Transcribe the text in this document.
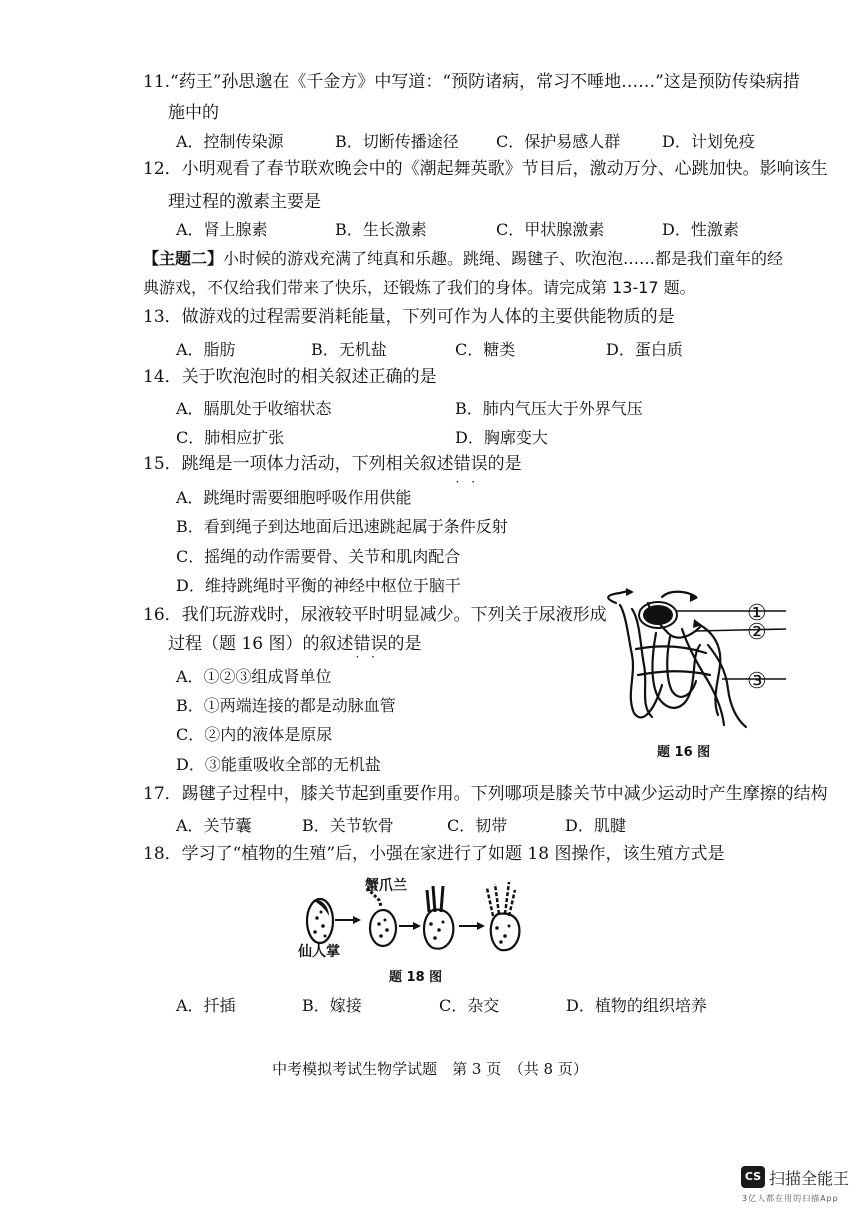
11.“药王”孙思邈在《千金方》中写道：“预防诸病，常习不唾地……”这是预防传染病措
施中的
A．控制传染源	B．切断传播途径 C．保护易感人群	D．计划免疫
12．小明观看了春节联欢晚会中的《潮起舞英歌》节目后，激动万分、心跳加快。影响该生
理过程的激素主要是
A．肾上腺素	B．生长激素	C．甲状腺激素	D．性激素
【主题二】小时候的游戏充满了纯真和乐趣。跳绳、踢毽子、吹泡泡……都是我们童年的经
典游戏，不仅给我们带来了快乐，还锻炼了我们的身体。请完成第 13-17 题。
13．做游戏的过程需要消耗能量，下列可作为人体的主要供能物质的是
A．脂肪	B．无机盐	C．糖类	D．蛋白质
14．关于吹泡泡时的相关叙述正确的是
A．膈肌处于收缩状态	B．肺内气压大于外界气压
C．肺相应扩张	D．胸廓变大
15．跳绳是一项体力活动，下列相关叙述错误 · ·的是
A．跳绳时需要细胞呼吸作用供能
B．看到绳子到达地面后迅速跳起属于条件反射
C．摇绳的动作需要骨、关节和肌肉配合
D．维持跳绳时平衡的神经中枢位于脑干
16．我们玩游戏时，尿液较平时明显减少。下列关于尿液形成
过程（题 16 图）的叙述错误 · ·的是
A．①②③组成肾单位
B．①两端连接的都是动脉血管
C．②内的液体是原尿
D．③能重吸收全部的无机盐
①
②
③
题 16 图
17．踢毽子过程中，膝关节起到重要作用。下列哪项是膝关节中减少运动时产生摩擦的结构
A．关节囊	B．关节软骨	C．韧带	D．肌腱
18．学习了“植物的生殖”后，小强在家进行了如题 18 图操作，该生殖方式是
蟹爪兰
仙人掌
题 18 图
A．扦插	B．嫁接	C．杂交	D．植物的组织培养
中考模拟考试生物学试题　第 3 页　（共 8 页）
CS 扫描全能王
3亿人都在用的扫描App
